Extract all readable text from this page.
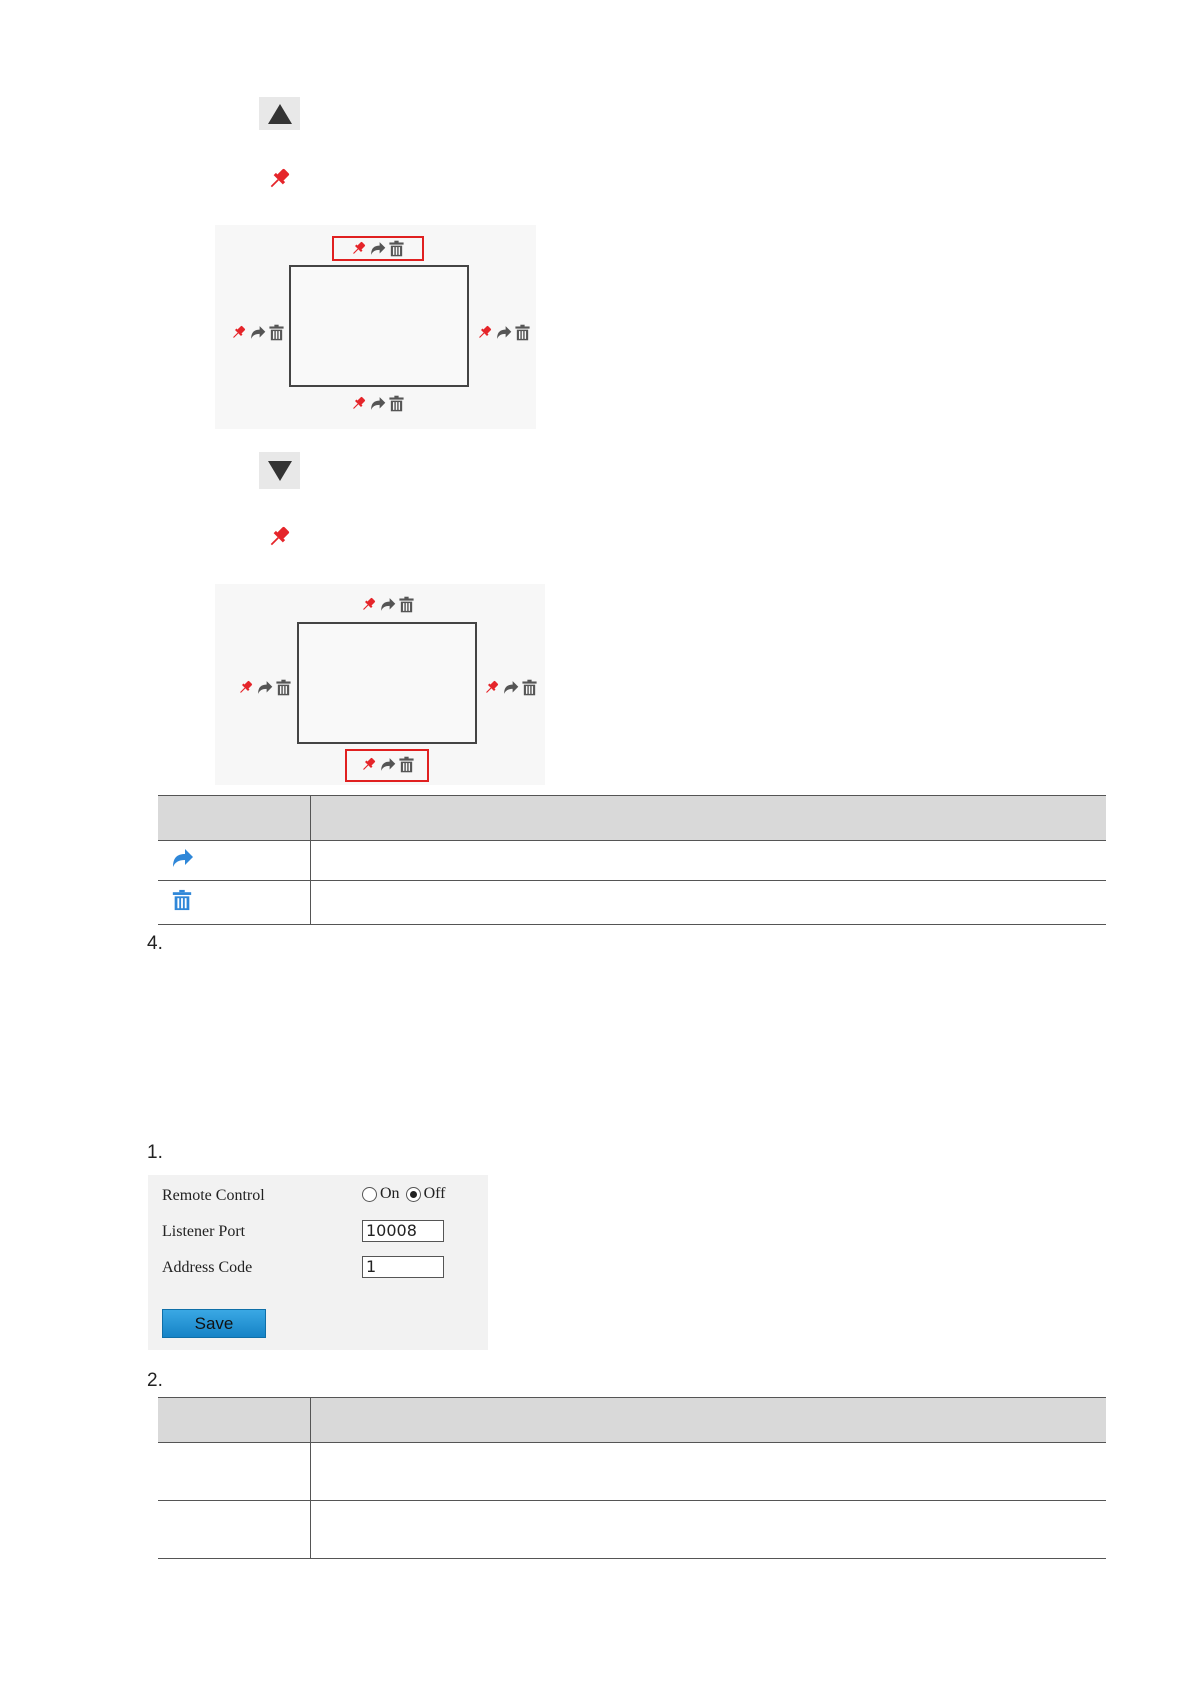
4.
1.
Remote Control	On Off
Listener Port	10008
Address Code	1
Save
2.
